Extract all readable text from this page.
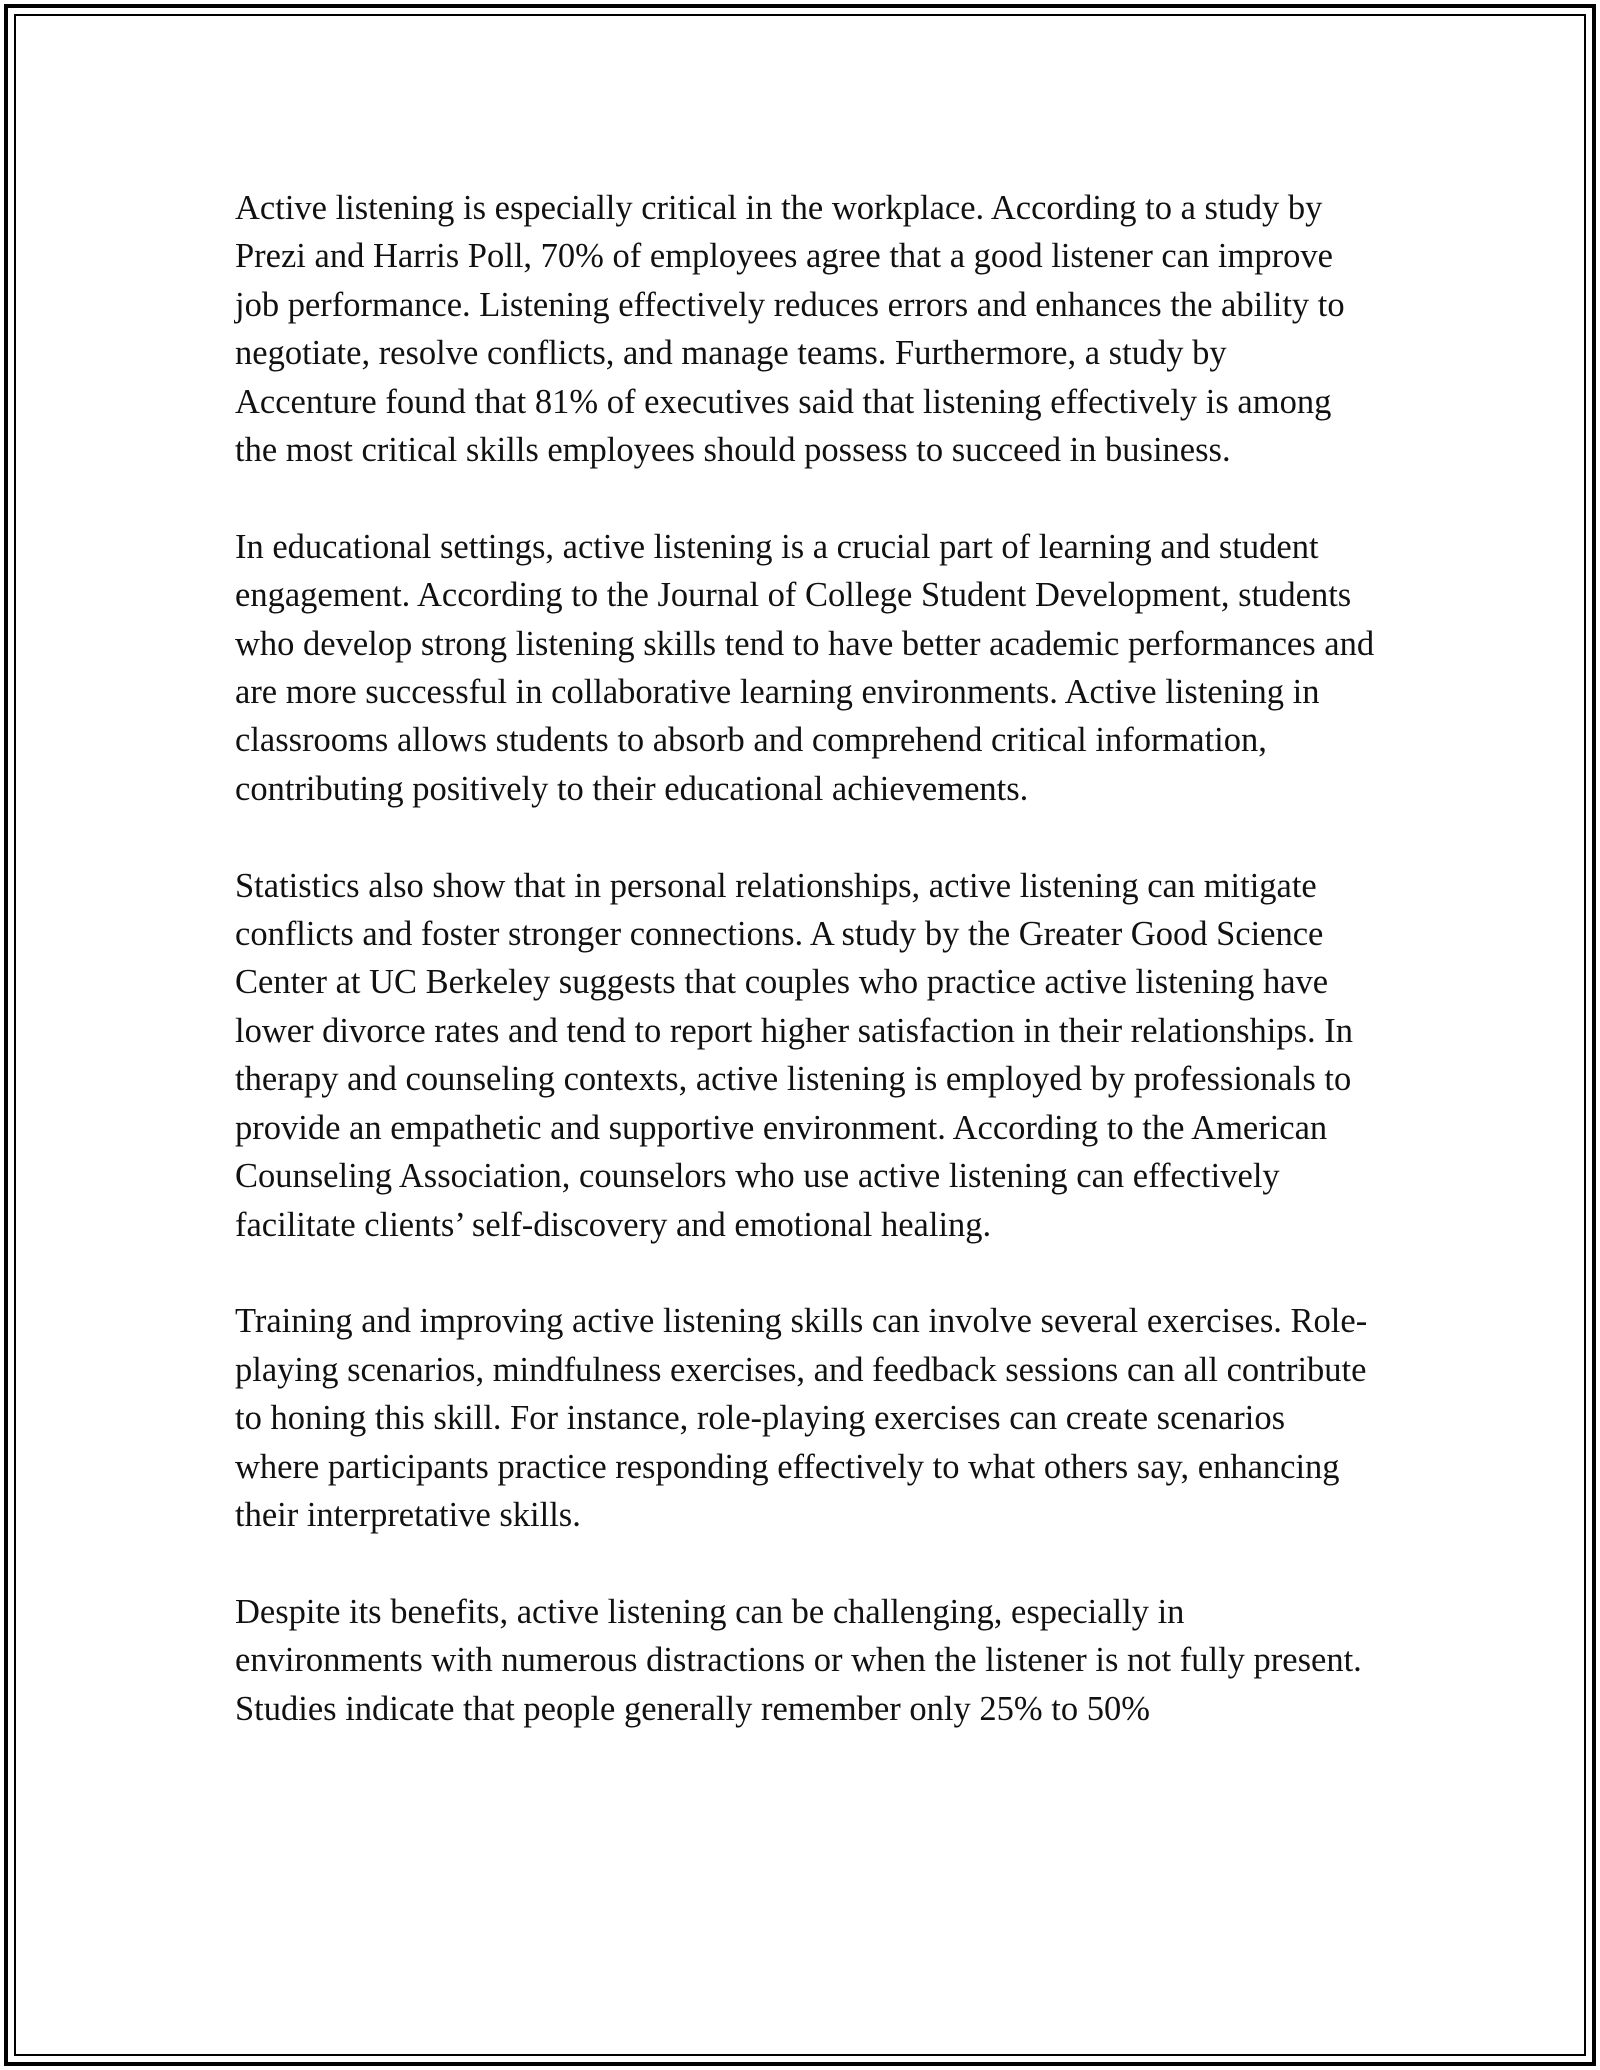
Active listening is especially critical in the workplace. According to a study by Prezi and Harris Poll, 70% of employees agree that a good listener can improve job performance. Listening effectively reduces errors and enhances the ability to negotiate, resolve conflicts, and manage teams. Furthermore, a study by Accenture found that 81% of executives said that listening effectively is among the most critical skills employees should possess to succeed in business.

In educational settings, active listening is a crucial part of learning and student engagement. According to the Journal of College Student Development, students who develop strong listening skills tend to have better academic performances and are more successful in collaborative learning environments. Active listening in classrooms allows students to absorb and comprehend critical information, contributing positively to their educational achievements.

Statistics also show that in personal relationships, active listening can mitigate conflicts and foster stronger connections. A study by the Greater Good Science Center at UC Berkeley suggests that couples who practice active listening have lower divorce rates and tend to report higher satisfaction in their relationships. In therapy and counseling contexts, active listening is employed by professionals to provide an empathetic and supportive environment. According to the American Counseling Association, counselors who use active listening can effectively facilitate clients’ self-discovery and emotional healing.

Training and improving active listening skills can involve several exercises. Role-playing scenarios, mindfulness exercises, and feedback sessions can all contribute to honing this skill. For instance, role-playing exercises can create scenarios where participants practice responding effectively to what others say, enhancing their interpretative skills.

Despite its benefits, active listening can be challenging, especially in environments with numerous distractions or when the listener is not fully present. Studies indicate that people generally remember only 25% to 50%
